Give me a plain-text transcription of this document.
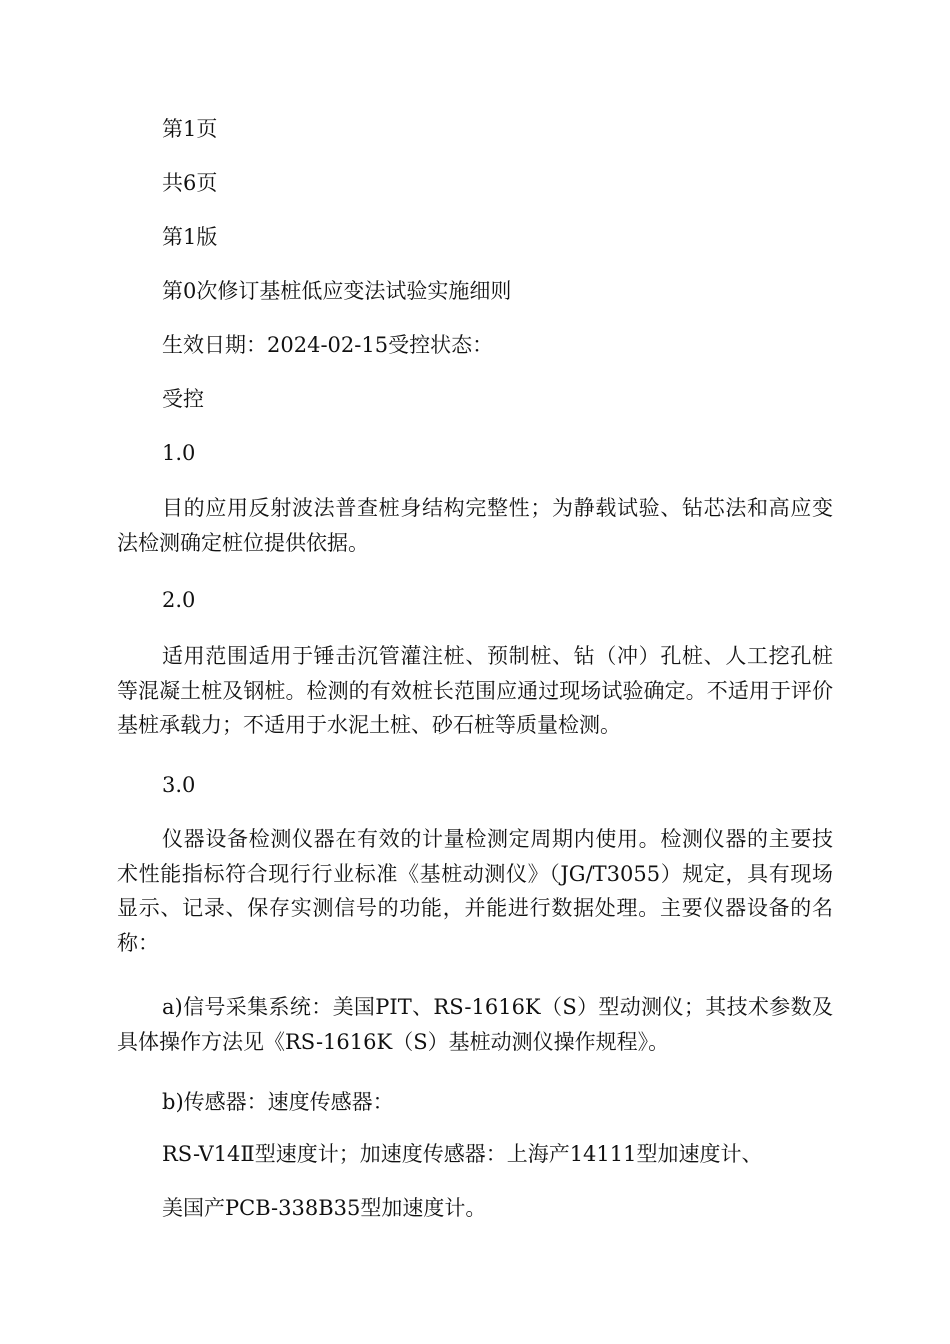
第1页
共6页
第1版
第0次修订基桩低应变法试验实施细则
生效日期：2024-02-15受控状态：
受控
1.0
目的应用反射波法普查桩身结构完整性；为静载试验、钻芯法和高应变法检测确定桩位提供依据。
2.0
适用范围适用于锤击沉管灌注桩、预制桩、钻（冲）孔桩、人工挖孔桩等混凝土桩及钢桩。检测的有效桩长范围应通过现场试验确定。不适用于评价基桩承载力；不适用于水泥土桩、砂石桩等质量检测。
3.0
仪器设备检测仪器在有效的计量检测定周期内使用。检测仪器的主要技术性能指标符合现行行业标准《基桩动测仪》（JG/T3055）规定，具有现场显示、记录、保存实测信号的功能，并能进行数据处理。主要仪器设备的名称：
a)信号采集系统：美国PIT、RS-1616K（S）型动测仪；其技术参数及具体操作方法见《RS-1616K（S）基桩动测仪操作规程》。
b)传感器：速度传感器：
RS-V14Ⅱ型速度计；加速度传感器：上海产14111型加速度计、
美国产PCB-338B35型加速度计。
